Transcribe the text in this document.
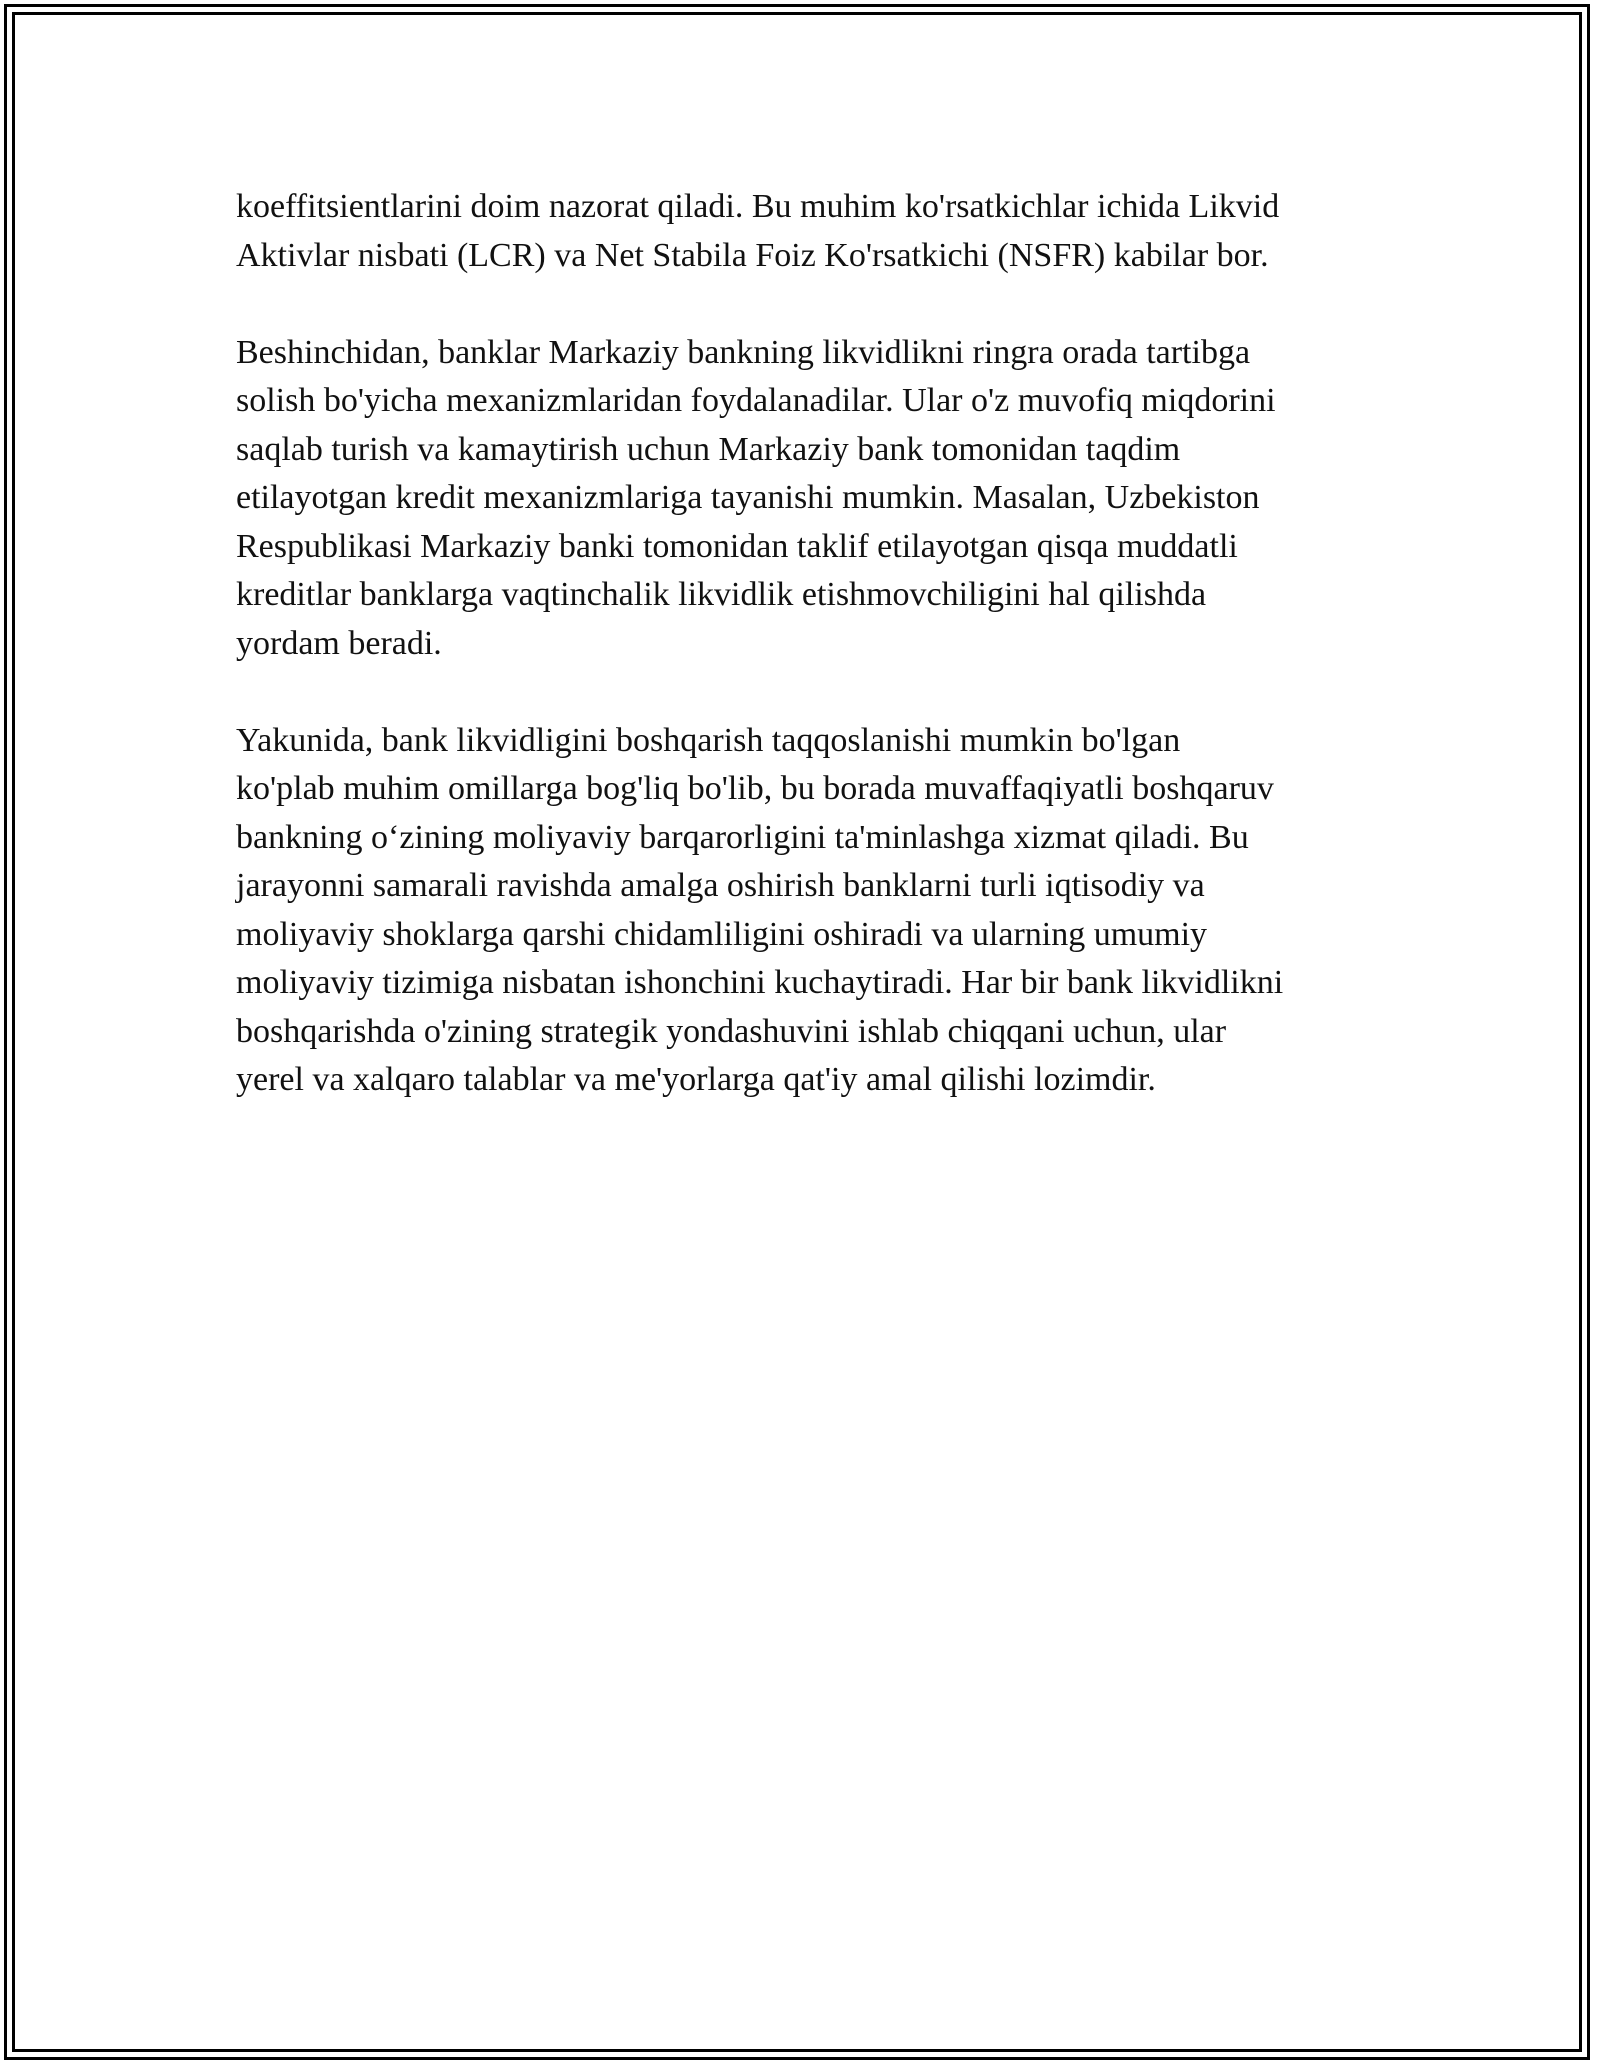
koeffitsientlarini doim nazorat qiladi. Bu muhim ko'rsatkichlar ichida Likvid
Aktivlar nisbati (LCR) va Net Stabila Foiz Ko'rsatkichi (NSFR) kabilar bor.

Beshinchidan, banklar Markaziy bankning likvidlikni ringra orada tartibga
solish bo'yicha mexanizmlaridan foydalanadilar. Ular o'z muvofiq miqdorini
saqlab turish va kamaytirish uchun Markaziy bank tomonidan taqdim
etilayotgan kredit mexanizmlariga tayanishi mumkin. Masalan, Uzbekiston
Respublikasi Markaziy banki tomonidan taklif etilayotgan qisqa muddatli
kreditlar banklarga vaqtinchalik likvidlik etishmovchiligini hal qilishda
yordam beradi.

Yakunida, bank likvidligini boshqarish taqqoslanishi mumkin bo'lgan
ko'plab muhim omillarga bog'liq bo'lib, bu borada muvaffaqiyatli boshqaruv
bankning o‘zining moliyaviy barqarorligini ta'minlashga xizmat qiladi. Bu
jarayonni samarali ravishda amalga oshirish banklarni turli iqtisodiy va
moliyaviy shoklarga qarshi chidamliligini oshiradi va ularning umumiy
moliyaviy tizimiga nisbatan ishonchini kuchaytiradi. Har bir bank likvidlikni
boshqarishda o'zining strategik yondashuvini ishlab chiqqani uchun, ular
yerel va xalqaro talablar va me'yorlarga qat'iy amal qilishi lozimdir.
